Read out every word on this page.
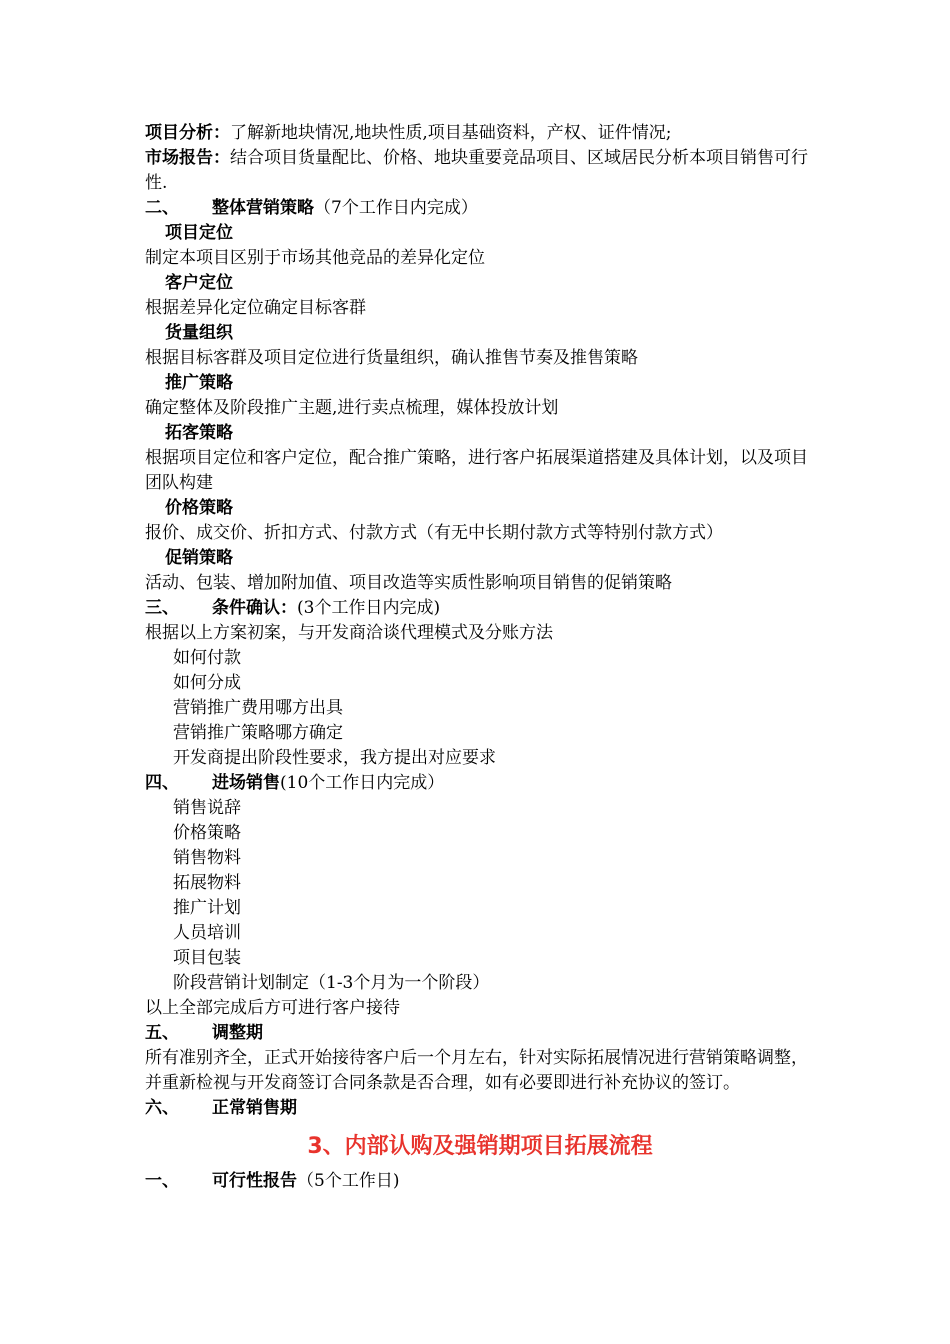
项目分析：了解新地块情况,地块性质,项目基础资料，产权、证件情况;
市场报告：结合项目货量配比、价格、地块重要竞品项目、区域居民分析本项目销售可行性.
二、 整体营销策略（7个工作日内完成）
项目定位
制定本项目区别于市场其他竞品的差异化定位
客户定位
根据差异化定位确定目标客群
货量组织
根据目标客群及项目定位进行货量组织，确认推售节奏及推售策略
推广策略
确定整体及阶段推广主题,进行卖点梳理，媒体投放计划
拓客策略
根据项目定位和客户定位，配合推广策略，进行客户拓展渠道搭建及具体计划，以及项目团队构建
价格策略
报价、成交价、折扣方式、付款方式（有无中长期付款方式等特别付款方式）
促销策略
活动、包装、增加附加值、项目改造等实质性影响项目销售的促销策略
三、 条件确认：(3个工作日内完成)
根据以上方案初案，与开发商洽谈代理模式及分账方法
如何付款
如何分成
营销推广费用哪方出具
营销推广策略哪方确定
开发商提出阶段性要求，我方提出对应要求
四、 进场销售(10个工作日内完成）
销售说辞
价格策略
销售物料
拓展物料
推广计划
人员培训
项目包装
阶段营销计划制定（1-3个月为一个阶段）
以上全部完成后方可进行客户接待
五、 调整期
所有准别齐全，正式开始接待客户后一个月左右，针对实际拓展情况进行营销策略调整，并重新检视与开发商签订合同条款是否合理，如有必要即进行补充协议的签订。
六、 正常销售期
3、内部认购及强销期项目拓展流程
一、 可行性报告（5个工作日)
